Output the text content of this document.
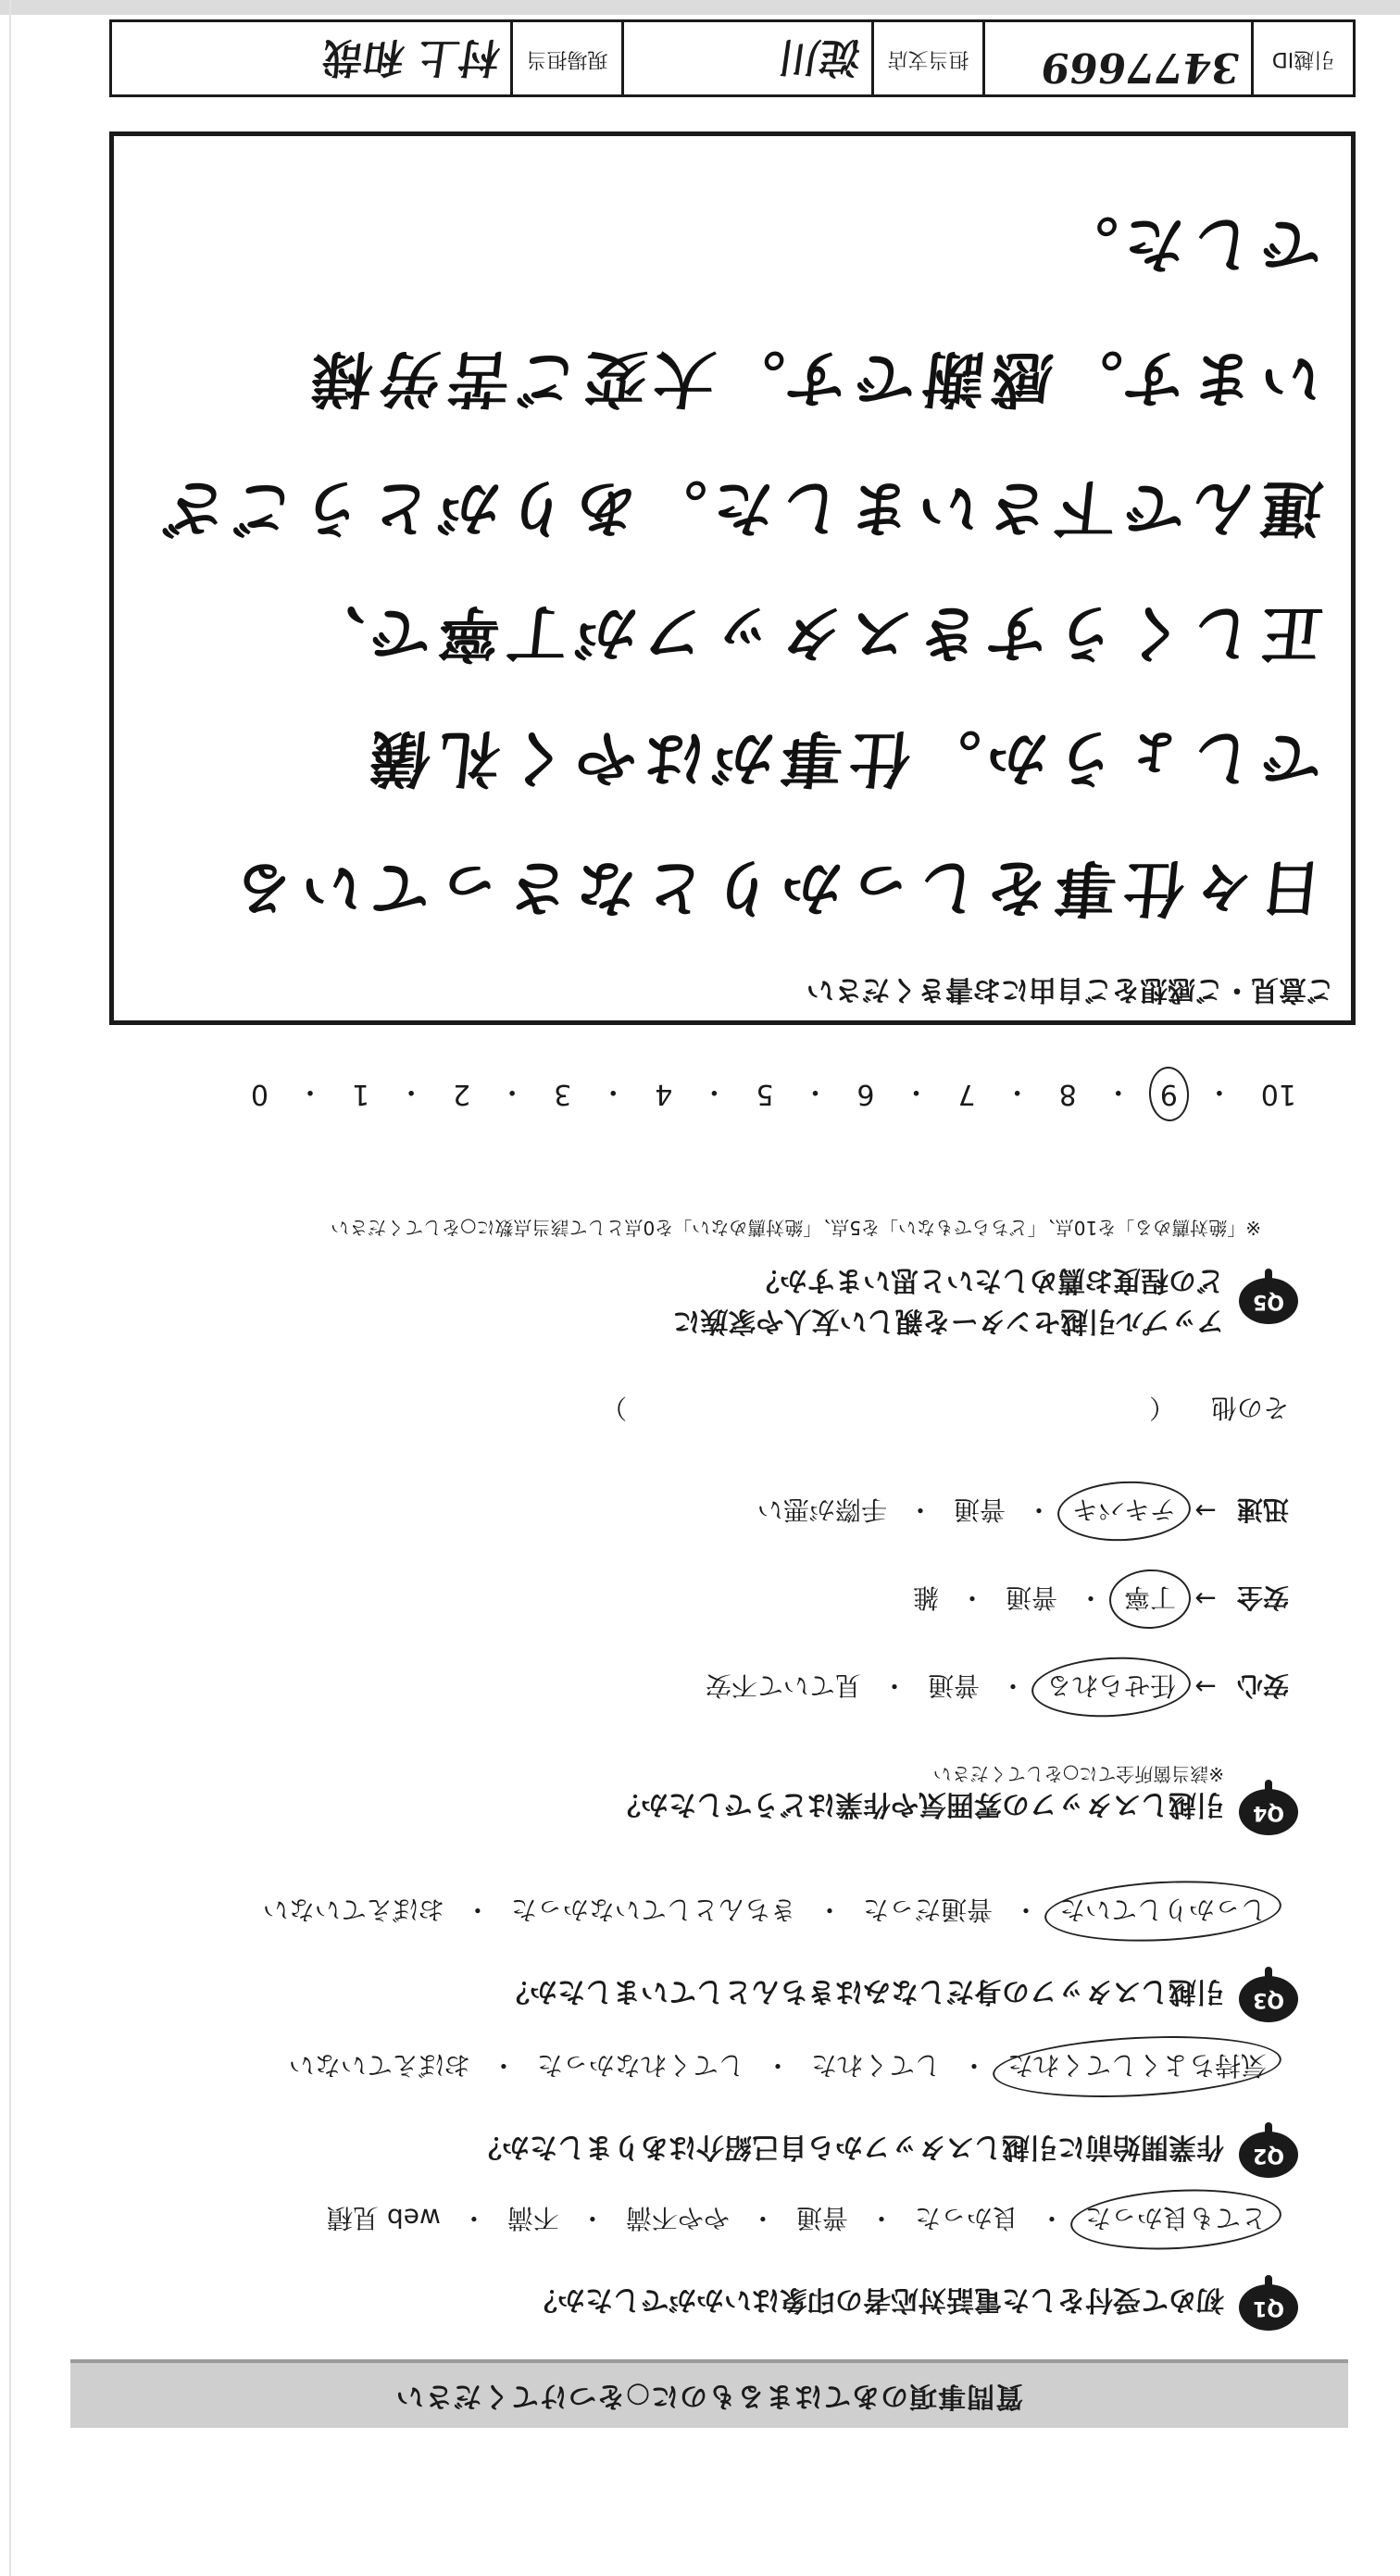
質問事項のあてはまるものに○をつけてください
Q1
初めて受付をした電話対応者の印象はいかがでしたか？
とても良かった
・
良かった
・
普通
・
やや不満
・
不満
・
web 見積
Q2
作業開始前に引越しスタッフから自己紹介はありましたか？
気持ちよくしてくれた
・
してくれた
・
してくれなかった
・
おぼえていない
Q3
引越しスタッフの身だしなみはきちんとしていましたか？
しっかりしていた
・
普通だった
・
きちんとしていなかった
・
おぼえていない
Q4
引越しスタッフの雰囲気や作業はどうでしたか？
※該当箇所全てに○をしてください
安心
→
任せられる
・
普通
・
見ていて不安
安全
→
丁寧
・
普通
・
雑
迅速
→
テキパキ
・
普通
・
手際が悪い
その他 （
）
Q5
アップル引越センターを親しい友人や家族に
どの程度お薦めしたいと思いますか？
※「絶対薦める」を10点、「どちらでもない」を5点、「絶対薦めない」を0点として該当点数に○をしてください
10
・
9
・
8
・
7
・
6
・
5
・
4
・
3
・
2
・
1
・
0
ご意見・ご感想をご自由にお書きください
日々仕事をしっかりとなさっている
でしょうか。仕事がはやく礼儀
正しくうすきスタッフが丁寧で、
運んで下さいました。ありがとうござ
います。感謝です。大変ご苦労様
でした。
引越ID
3477669
担当支店
淀川
現場担当
村上 和哉
